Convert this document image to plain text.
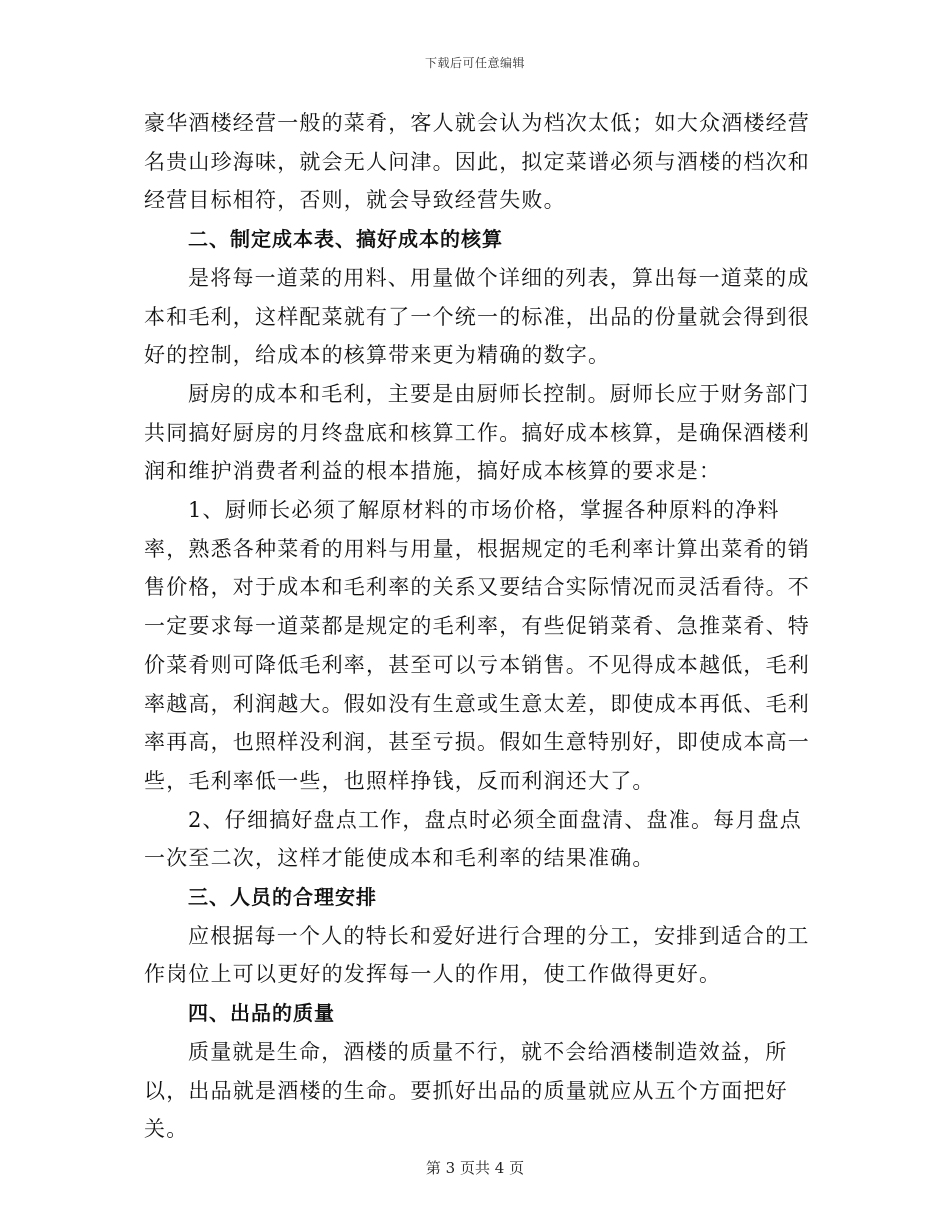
下载后可任意编辑

豪华酒楼经营一般的菜肴，客人就会认为档次太低；如大众酒楼经营名贵山珍海味，就会无人问津。因此，拟定菜谱必须与酒楼的档次和经营目标相符，否则，就会导致经营失败。

二、制定成本表、搞好成本的核算

是将每一道菜的用料、用量做个详细的列表，算出每一道菜的成本和毛利，这样配菜就有了一个统一的标准，出品的份量就会得到很好的控制，给成本的核算带来更为精确的数字。

厨房的成本和毛利，主要是由厨师长控制。厨师长应于财务部门共同搞好厨房的月终盘底和核算工作。搞好成本核算，是确保酒楼利润和维护消费者利益的根本措施，搞好成本核算的要求是：

1、厨师长必须了解原材料的市场价格，掌握各种原料的净料率，熟悉各种菜肴的用料与用量，根据规定的毛利率计算出菜肴的销售价格，对于成本和毛利率的关系又要结合实际情况而灵活看待。不一定要求每一道菜都是规定的毛利率，有些促销菜肴、急推菜肴、特价菜肴则可降低毛利率，甚至可以亏本销售。不见得成本越低，毛利率越高，利润越大。假如没有生意或生意太差，即使成本再低、毛利率再高，也照样没利润，甚至亏损。假如生意特别好，即使成本高一些，毛利率低一些，也照样挣钱，反而利润还大了。

2、仔细搞好盘点工作，盘点时必须全面盘清、盘准。每月盘点一次至二次，这样才能使成本和毛利率的结果准确。

三、人员的合理安排

应根据每一个人的特长和爱好进行合理的分工，安排到适合的工作岗位上可以更好的发挥每一人的作用，使工作做得更好。

四、出品的质量

质量就是生命，酒楼的质量不行，就不会给酒楼制造效益，所以，出品就是酒楼的生命。要抓好出品的质量就应从五个方面把好关。

第 3 页共 4 页
